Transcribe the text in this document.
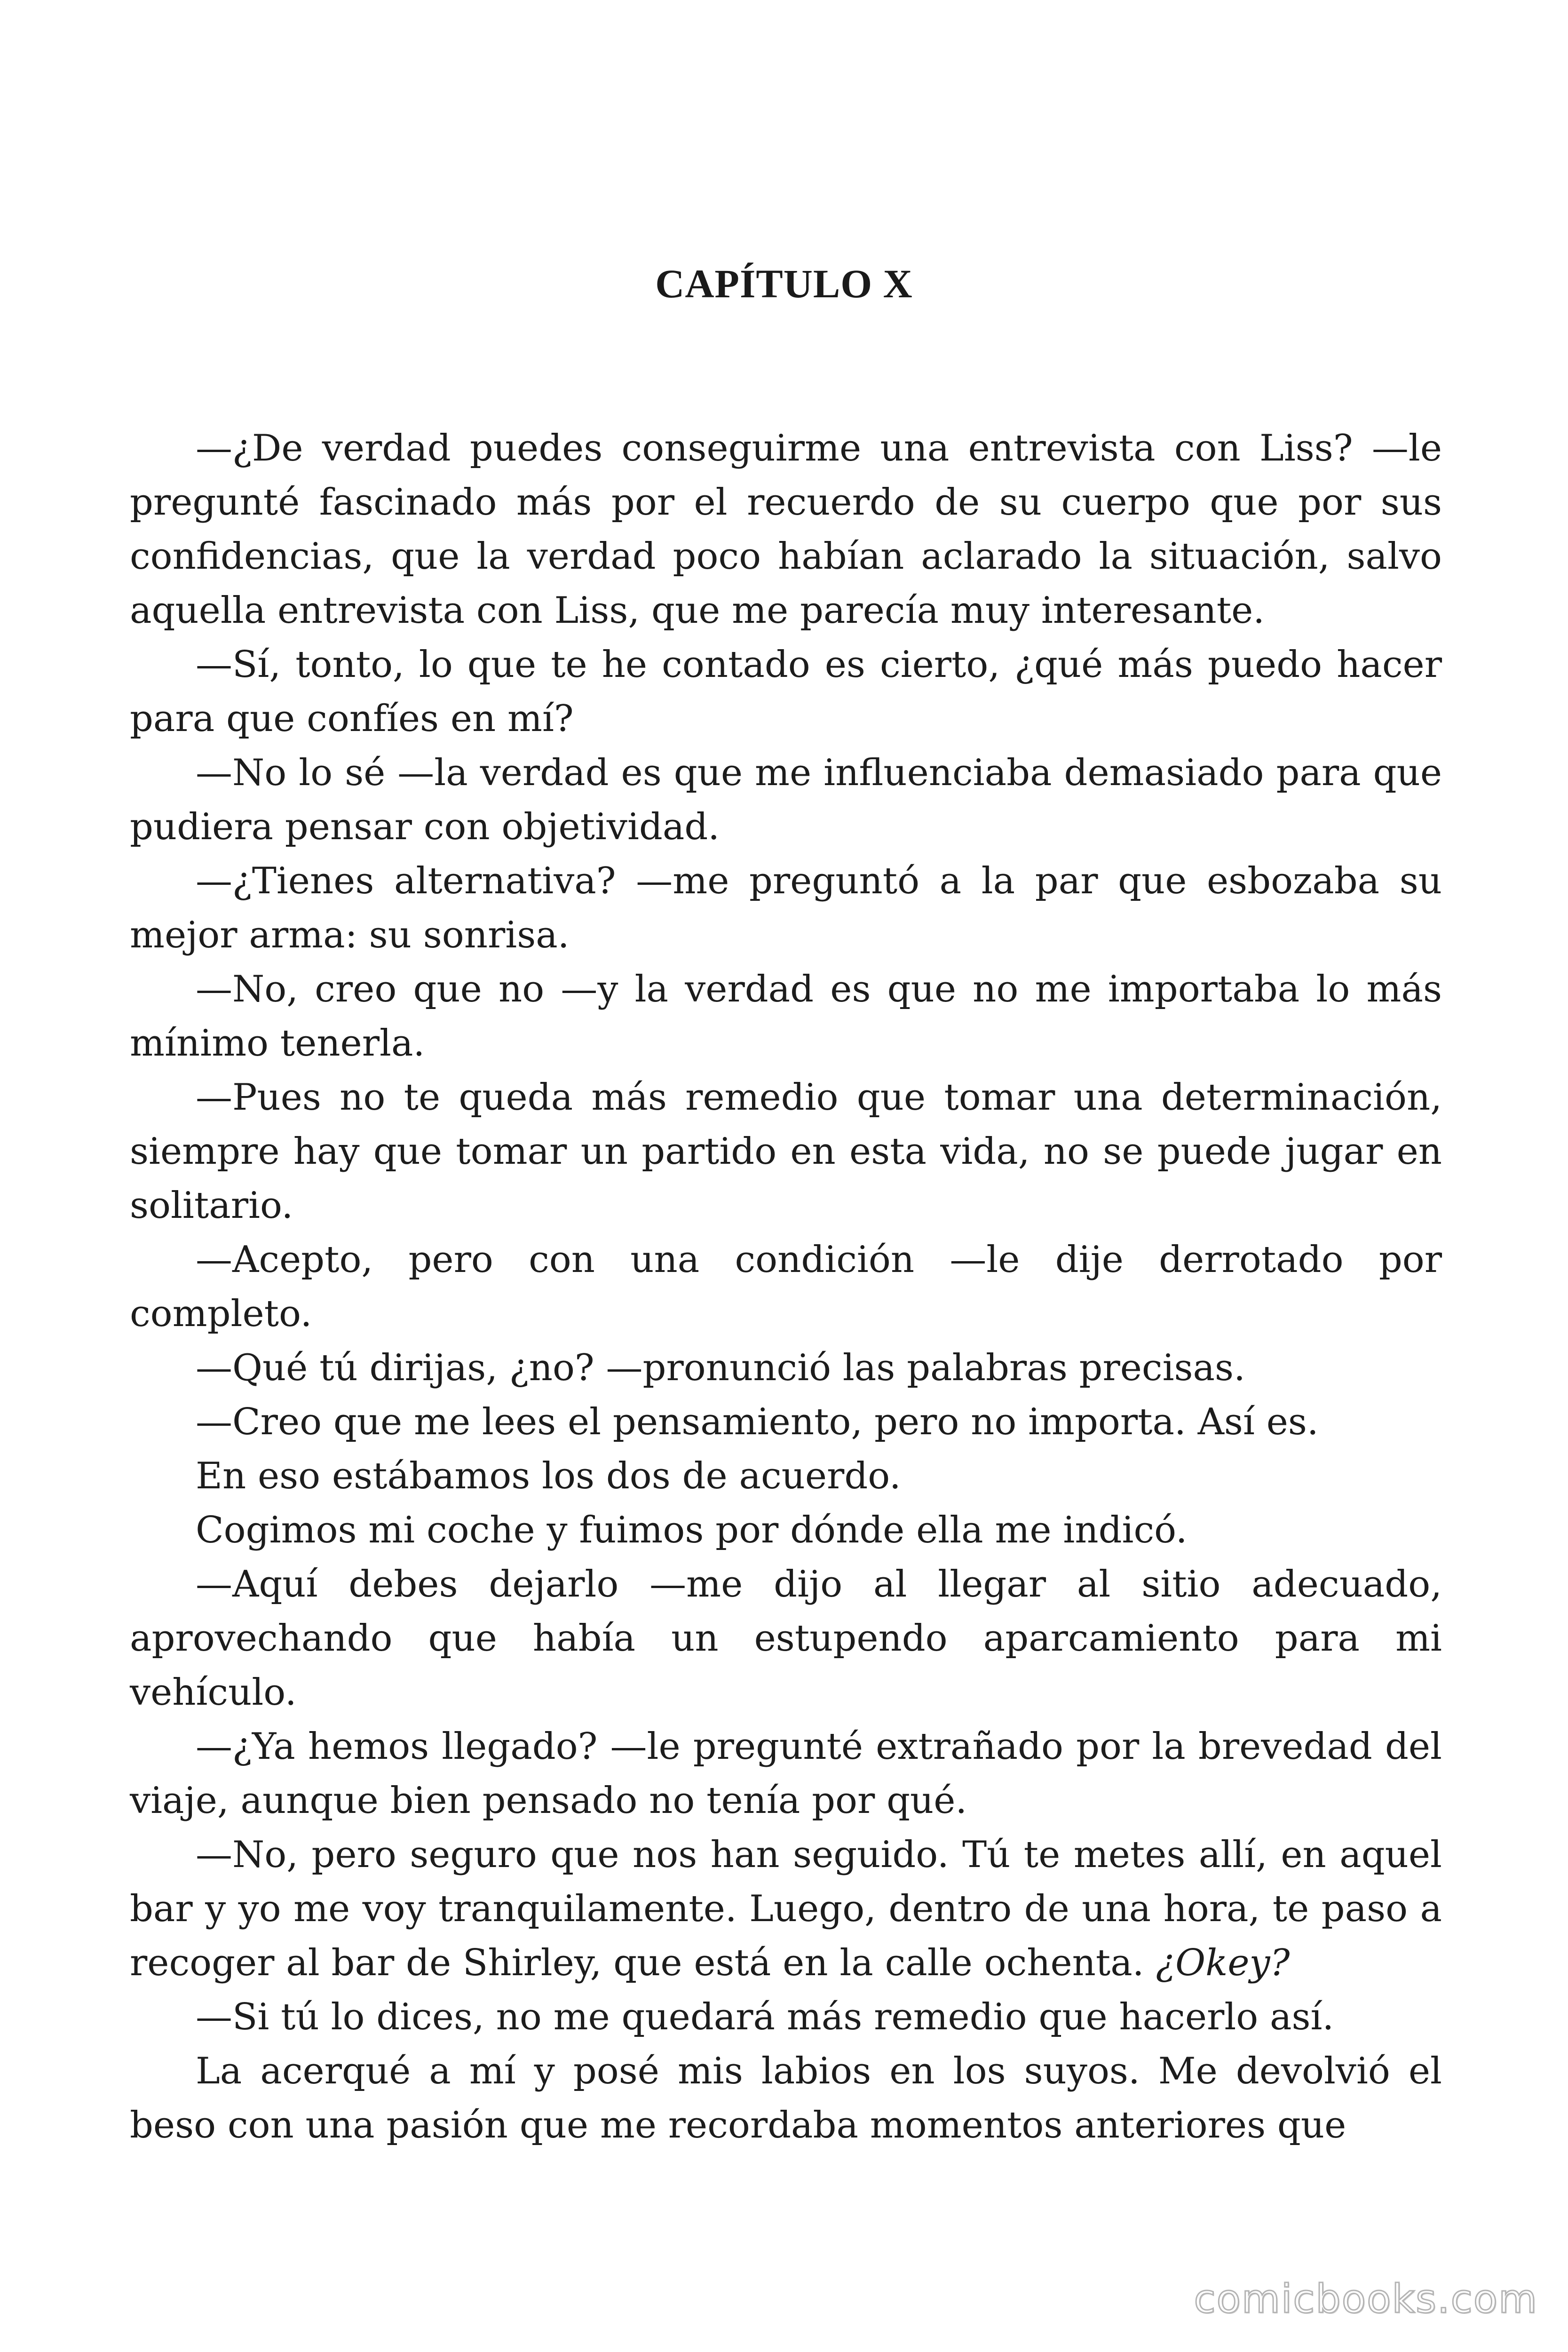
CAPÍTULO X

—¿De verdad puedes conseguirme una entrevista con Liss? —le pregunté fascinado más por el recuerdo de su cuerpo que por sus confidencias, que la verdad poco habían aclarado la situación, salvo aquella entrevista con Liss, que me parecía muy interesante.

—Sí, tonto, lo que te he contado es cierto, ¿qué más puedo hacer para que confíes en mí?

—No lo sé —la verdad es que me influenciaba demasiado para que pudiera pensar con objetividad.

—¿Tienes alternativa? —me preguntó a la par que esbozaba su mejor arma: su sonrisa.

—No, creo que no —y la verdad es que no me importaba lo más mínimo tenerla.

—Pues no te queda más remedio que tomar una determinación, siempre hay que tomar un partido en esta vida, no se puede jugar en solitario.

—Acepto, pero con una condición —le dije derrotado por completo.

—Qué tú dirijas, ¿no? —pronunció las palabras precisas.

—Creo que me lees el pensamiento, pero no importa. Así es.

En eso estábamos los dos de acuerdo.

Cogimos mi coche y fuimos por dónde ella me indicó.

—Aquí debes dejarlo —me dijo al llegar al sitio adecuado, aprovechando que había un estupendo aparcamiento para mi vehículo.

—¿Ya hemos llegado? —le pregunté extrañado por la brevedad del viaje, aunque bien pensado no tenía por qué.

—No, pero seguro que nos han seguido. Tú te metes allí, en aquel bar y yo me voy tranquilamente. Luego, dentro de una hora, te paso a recoger al bar de Shirley, que está en la calle ochenta. ¿Okey?

—Si tú lo dices, no me quedará más remedio que hacerlo así.

La acerqué a mí y posé mis labios en los suyos. Me devolvió el beso con una pasión que me recordaba momentos anteriores que

comicbooks.com
